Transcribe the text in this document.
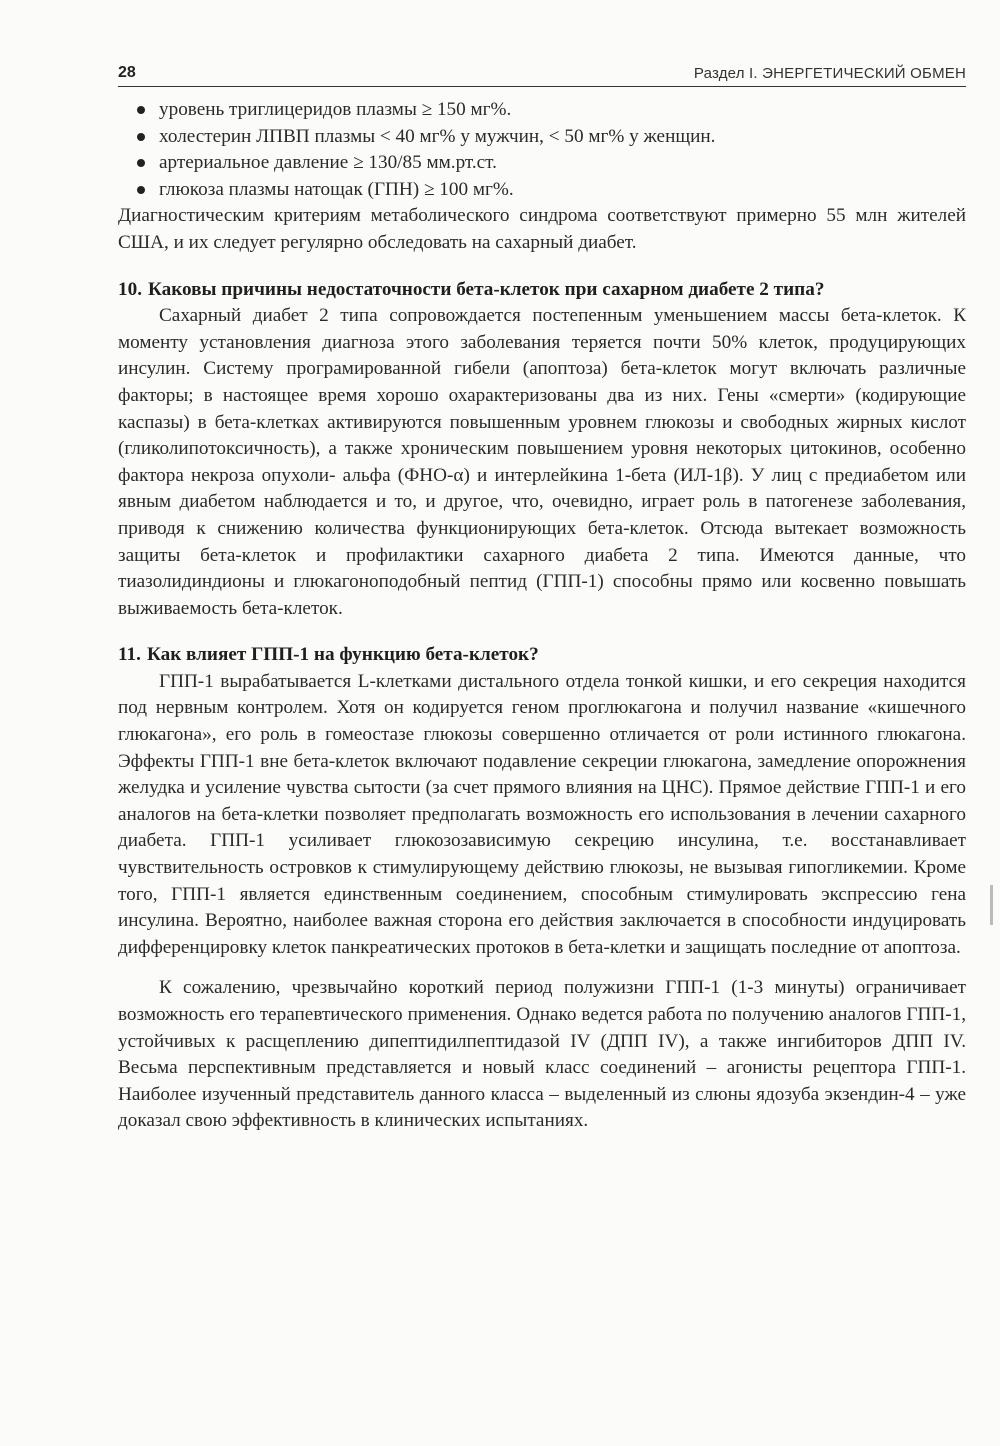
28	Раздел I. ЭНЕРГЕТИЧЕСКИЙ ОБМЕН
уровень триглицеридов плазмы ≥ 150 мг%.
холестерин ЛПВП плазмы < 40 мг% у мужчин, < 50 мг% у женщин.
артериальное давление ≥ 130/85 мм.рт.ст.
глюкоза плазмы натощак (ГПН) ≥ 100 мг%.

Диагностическим критериям метаболического синдрома соответствуют примерно 55 млн жителей США, и их следует регулярно обследовать на сахарный диабет.

10. Каковы причины недостаточности бета-клеток при сахарном диабете 2 типа?

Сахарный диабет 2 типа сопровождается постепенным уменьшением массы бета-клеток. К моменту установления диагноза этого заболевания теряется почти 50% клеток, продуцирующих инсулин. Систему програмированной гибели (апоптоза) бета-клеток могут включать различные факторы; в настоящее время хорошо охарактеризованы два из них. Гены «смерти» (кодирующие каспазы) в бета-клетках активируются повышенным уровнем глюкозы и свободных жирных кислот (гликолипотоксичность), а также хроническим повышением уровня некоторых цитокинов, особенно фактора некроза опухоли- альфа (ФНО-α) и интерлейкина 1-бета (ИЛ-1β). У лиц с предиабетом или явным диабетом наблюдается и то, и другое, что, очевидно, играет роль в патогенезе заболевания, приводя к снижению количества функционирующих бета-клеток. Отсюда вытекает возможность защиты бета-клеток и профилактики сахарного диабета 2 типа. Имеются данные, что тиазолидиндионы и глюкагоноподобный пептид (ГПП-1) способны прямо или косвенно повышать выживаемость бета-клеток.

11. Как влияет ГПП-1 на функцию бета-клеток?

ГПП-1 вырабатывается L-клетками дистального отдела тонкой кишки, и его секреция находится под нервным контролем. Хотя он кодируется геном проглюкагона и получил название «кишечного глюкагона», его роль в гомеостазе глюкозы совершенно отличается от роли истинного глюкагона. Эффекты ГПП-1 вне бета-клеток включают подавление секреции глюкагона, замедление опорожнения желудка и усиление чувства сытости (за счет прямого влияния на ЦНС). Прямое действие ГПП-1 и его аналогов на бета-клетки позволяет предполагать возможность его использования в лечении сахарного диабета. ГПП-1 усиливает глюкозозависимую секрецию инсулина, т.е. восстанавливает чувствительность островков к стимулирующему действию глюкозы, не вызывая гипогликемии. Кроме того, ГПП-1 является единственным соединением, способным стимулировать экспрессию гена инсулина. Вероятно, наиболее важная сторона его действия заключается в способности индуцировать дифференцировку клеток панкреатических протоков в бета-клетки и защищать последние от апоптоза.

К сожалению, чрезвычайно короткий период полужизни ГПП-1 (1-3 минуты) ограничивает возможность его терапевтического применения. Однако ведется работа по получению аналогов ГПП-1, устойчивых к расщеплению дипептидилпептидазой IV (ДПП IV), а также ингибиторов ДПП IV. Весьма перспективным представляется и новый класс соединений – агонисты рецептора ГПП-1. Наиболее изученный представитель данного класса – выделенный из слюны ядозуба экзендин-4 – уже доказал свою эффективность в клинических испытаниях.
